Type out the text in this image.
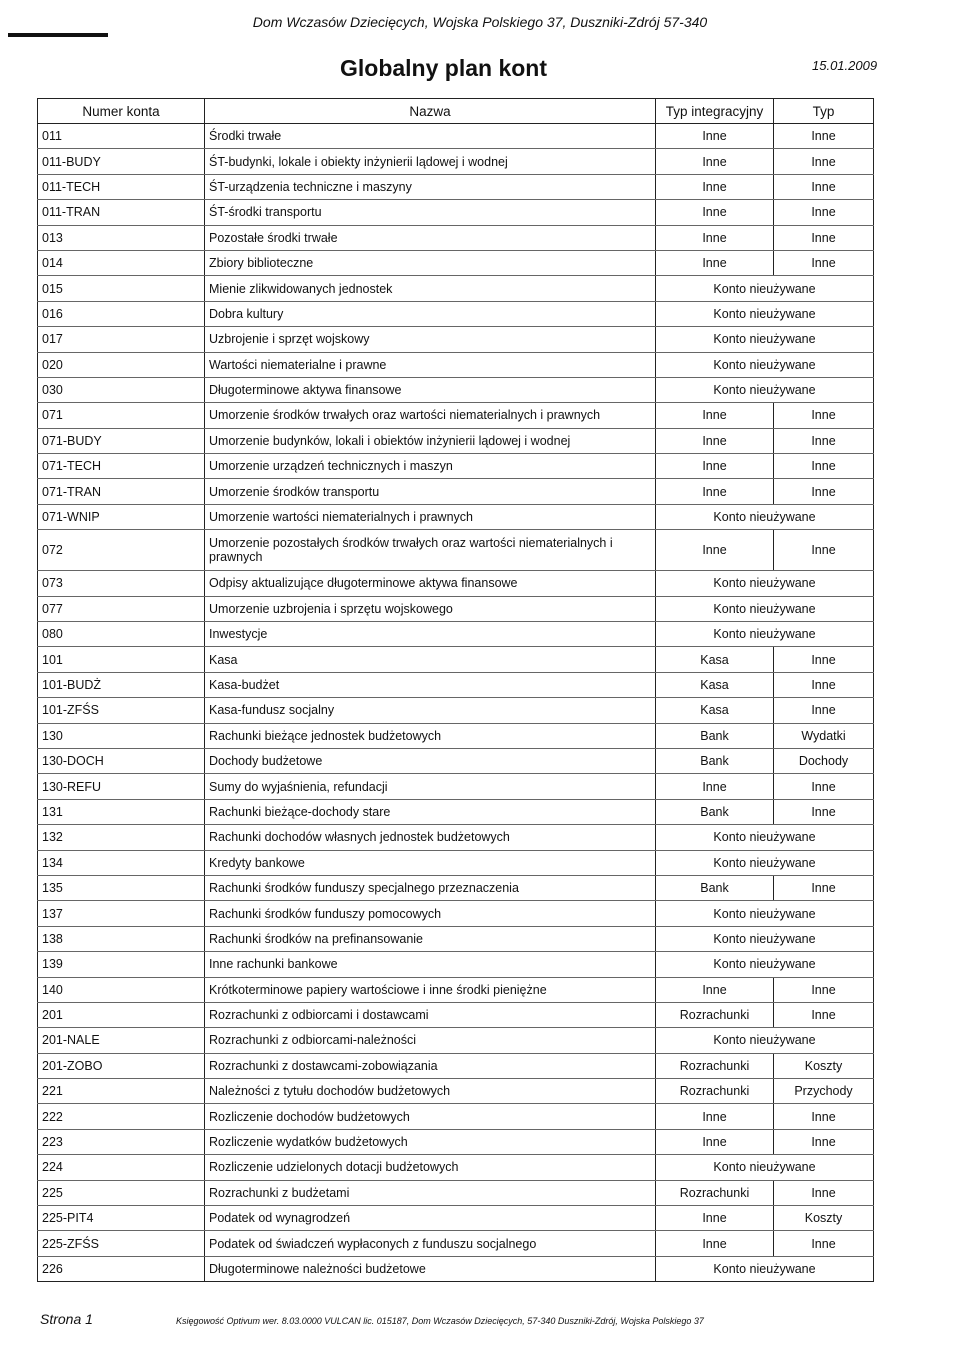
Dom Wczasów Dziecięcych, Wojska Polskiego 37, Duszniki-Zdrój 57-340
Globalny plan kont	15.01.2009
Numer konta	Nazwa	Typ integracyjny	Typ
011	Środki trwałe	Inne	Inne
011-BUDY	ŚT-budynki, lokale i obiekty inżynierii lądowej i wodnej	Inne	Inne
011-TECH	ŚT-urządzenia techniczne i maszyny	Inne	Inne
011-TRAN	ŚT-środki transportu	Inne	Inne
013	Pozostałe środki trwałe	Inne	Inne
014	Zbiory biblioteczne	Inne	Inne
015	Mienie zlikwidowanych jednostek	Konto nieużywane	
016	Dobra kultury	Konto nieużywane	
017	Uzbrojenie i sprzęt wojskowy	Konto nieużywane	
020	Wartości niematerialne i prawne	Konto nieużywane	
030	Długoterminowe aktywa finansowe	Konto nieużywane	
071	Umorzenie środków trwałych oraz wartości niematerialnych i prawnych	Inne	Inne
071-BUDY	Umorzenie budynków, lokali i obiektów inżynierii lądowej i wodnej	Inne	Inne
071-TECH	Umorzenie urządzeń technicznych i maszyn	Inne	Inne
071-TRAN	Umorzenie środków transportu	Inne	Inne
071-WNIP	Umorzenie wartości niematerialnych i prawnych	Konto nieużywane	
072	Umorzenie pozostałych środków trwałych oraz wartości niematerialnych i prawnych	Inne	Inne
073	Odpisy aktualizujące długoterminowe aktywa finansowe	Konto nieużywane	
077	Umorzenie uzbrojenia i sprzętu wojskowego	Konto nieużywane	
080	Inwestycje	Konto nieużywane	
101	Kasa	Kasa	Inne
101-BUDŻ	Kasa-budżet	Kasa	Inne
101-ZFŚS	Kasa-fundusz socjalny	Kasa	Inne
130	Rachunki bieżące jednostek budżetowych	Bank	Wydatki
130-DOCH	Dochody budżetowe	Bank	Dochody
130-REFU	Sumy do wyjaśnienia, refundacji	Inne	Inne
131	Rachunki bieżące-dochody stare	Bank	Inne
132	Rachunki dochodów własnych jednostek budżetowych	Konto nieużywane	
134	Kredyty bankowe	Konto nieużywane	
135	Rachunki środków funduszy specjalnego przeznaczenia	Bank	Inne
137	Rachunki środków funduszy pomocowych	Konto nieużywane	
138	Rachunki środków na prefinansowanie	Konto nieużywane	
139	Inne rachunki bankowe	Konto nieużywane	
140	Krótkoterminowe papiery wartościowe i inne środki pieniężne	Inne	Inne
201	Rozrachunki z odbiorcami i dostawcami	Rozrachunki	Inne
201-NALE	Rozrachunki z odbiorcami-należności	Konto nieużywane	
201-ZOBO	Rozrachunki z dostawcami-zobowiązania	Rozrachunki	Koszty
221	Należności z tytułu dochodów budżetowych	Rozrachunki	Przychody
222	Rozliczenie dochodów budżetowych	Inne	Inne
223	Rozliczenie wydatków budżetowych	Inne	Inne
224	Rozliczenie udzielonych dotacji budżetowych	Konto nieużywane	
225	Rozrachunki z budżetami	Rozrachunki	Inne
225-PIT4	Podatek od wynagrodzeń	Inne	Koszty
225-ZFŚS	Podatek od świadczeń wypłaconych z funduszu socjalnego	Inne	Inne
226	Długoterminowe należności budżetowe	Konto nieużywane	
Strona 1	Księgowość Optivum wer. 8.03.0000 VULCAN lic. 015187, Dom Wczasów Dziecięcych, 57-340 Duszniki-Zdrój, Wojska Polskiego 37
